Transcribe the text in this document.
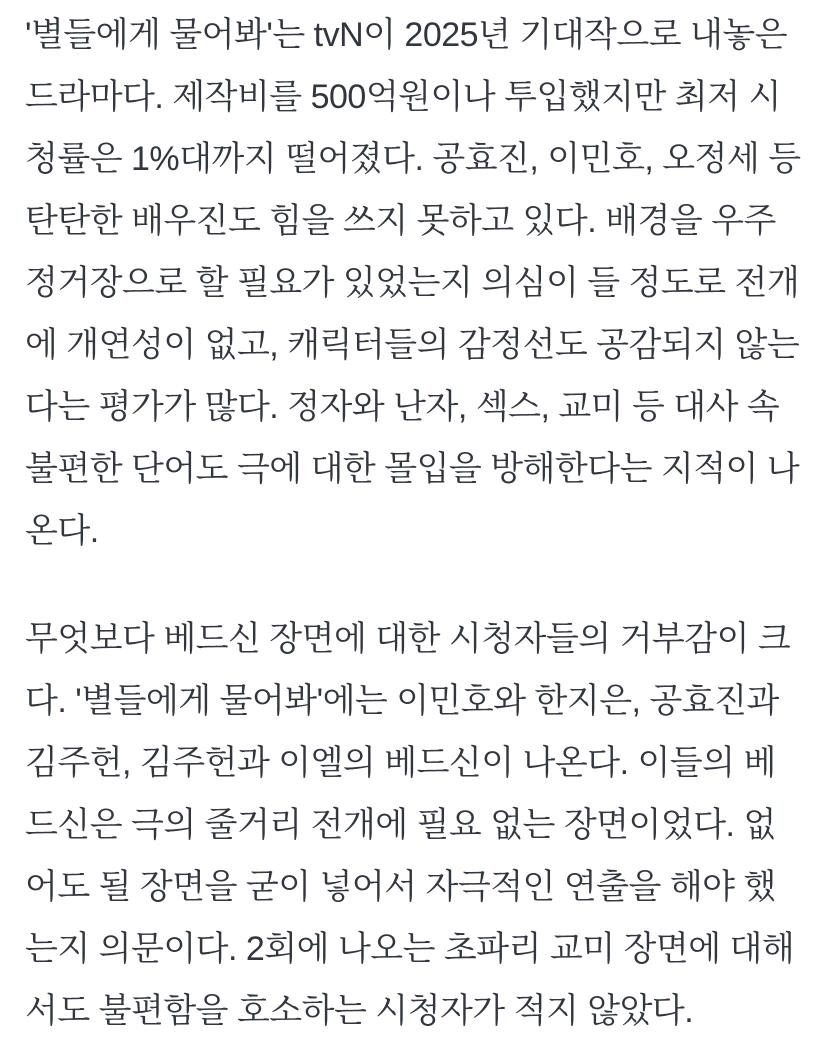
'별들에게 물어봐'는 tvN이 2025년 기대작으로 내놓은 드라마다. 제작비를 500억원이나 투입했지만 최저 시청률은 1%대까지 떨어졌다. 공효진, 이민호, 오정세 등 탄탄한 배우진도 힘을 쓰지 못하고 있다. 배경을 우주정거장으로 할 필요가 있었는지 의심이 들 정도로 전개에 개연성이 없고, 캐릭터들의 감정선도 공감되지 않는다는 평가가 많다. 정자와 난자, 섹스, 교미 등 대사 속 불편한 단어도 극에 대한 몰입을 방해한다는 지적이 나온다.

무엇보다 베드신 장면에 대한 시청자들의 거부감이 크다. '별들에게 물어봐'에는 이민호와 한지은, 공효진과 김주헌, 김주헌과 이엘의 베드신이 나온다. 이들의 베드신은 극의 줄거리 전개에 필요 없는 장면이었다. 없어도 될 장면을 굳이 넣어서 자극적인 연출을 해야 했는지 의문이다. 2회에 나오는 초파리 교미 장면에 대해서도 불편함을 호소하는 시청자가 적지 않았다.
